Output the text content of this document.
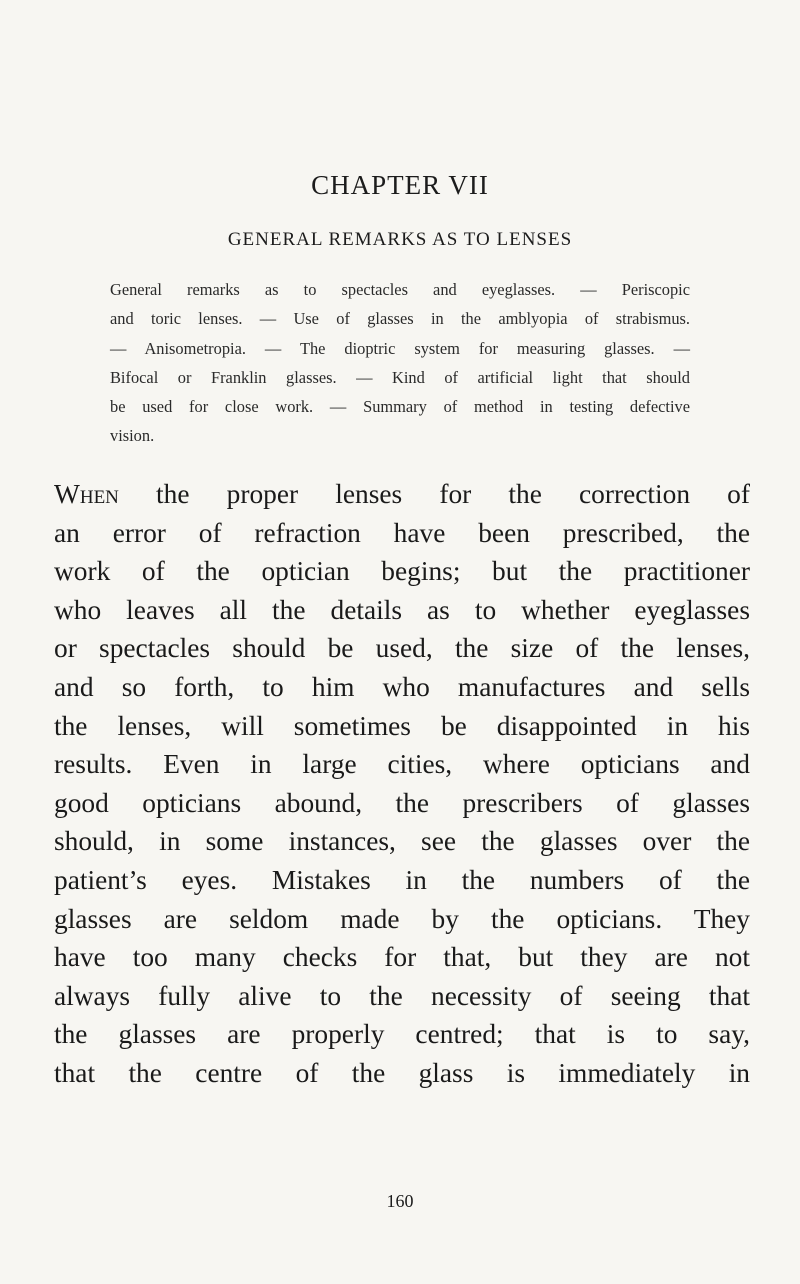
CHAPTER VII
GENERAL REMARKS AS TO LENSES

General remarks as to spectacles and eyeglasses. — Periscopic
and toric lenses. — Use of glasses in the amblyopia of strabismus.
— Anisometropia. — The dioptric system for measuring glasses. —
Bifocal or Franklin glasses. — Kind of artificial light that should
be used for close work. — Summary of method in testing defective
vision.

When the proper lenses for the correction of
an error of refraction have been prescribed, the
work of the optician begins; but the practitioner
who leaves all the details as to whether eyeglasses
or spectacles should be used, the size of the lenses,
and so forth, to him who manufactures and sells
the lenses, will sometimes be disappointed in his
results. Even in large cities, where opticians and
good opticians abound, the prescribers of glasses
should, in some instances, see the glasses over the
patient’s eyes. Mistakes in the numbers of the
glasses are seldom made by the opticians. They
have too many checks for that, but they are not
always fully alive to the necessity of seeing that
the glasses are properly centred; that is to say,
that the centre of the glass is immediately in

160
